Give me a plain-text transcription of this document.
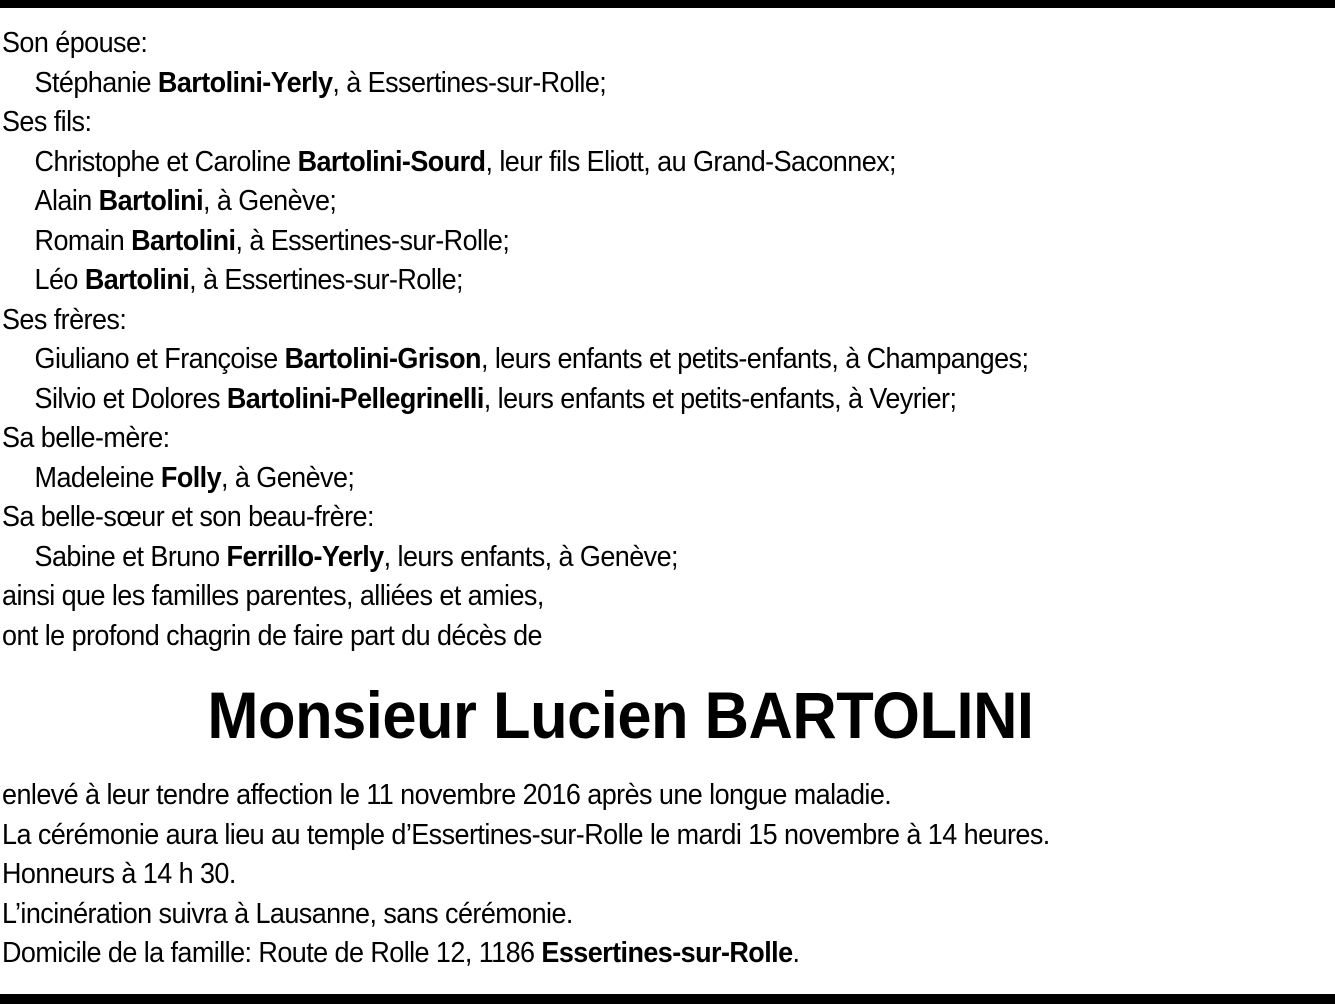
Son épouse:
Stéphanie Bartolini-Yerly, à Essertines-sur-Rolle;
Ses fils:
Christophe et Caroline Bartolini-Sourd, leur fils Eliott, au Grand-Saconnex;
Alain Bartolini, à Genève;
Romain Bartolini, à Essertines-sur-Rolle;
Léo Bartolini, à Essertines-sur-Rolle;
Ses frères:
Giuliano et Françoise Bartolini-Grison, leurs enfants et petits-enfants, à Champanges;
Silvio et Dolores Bartolini-Pellegrinelli, leurs enfants et petits-enfants, à Veyrier;
Sa belle-mère:
Madeleine Folly, à Genève;
Sa belle-sœur et son beau-frère:
Sabine et Bruno Ferrillo-Yerly, leurs enfants, à Genève;
ainsi que les familles parentes, alliées et amies,
ont le profond chagrin de faire part du décès de
Monsieur Lucien BARTOLINI
enlevé à leur tendre affection le 11 novembre 2016 après une longue maladie.
La cérémonie aura lieu au temple d’Essertines-sur-Rolle le mardi 15 novembre à 14 heures.
Honneurs à 14 h 30.
L’incinération suivra à Lausanne, sans cérémonie.
Domicile de la famille: Route de Rolle 12, 1186 Essertines-sur-Rolle.
